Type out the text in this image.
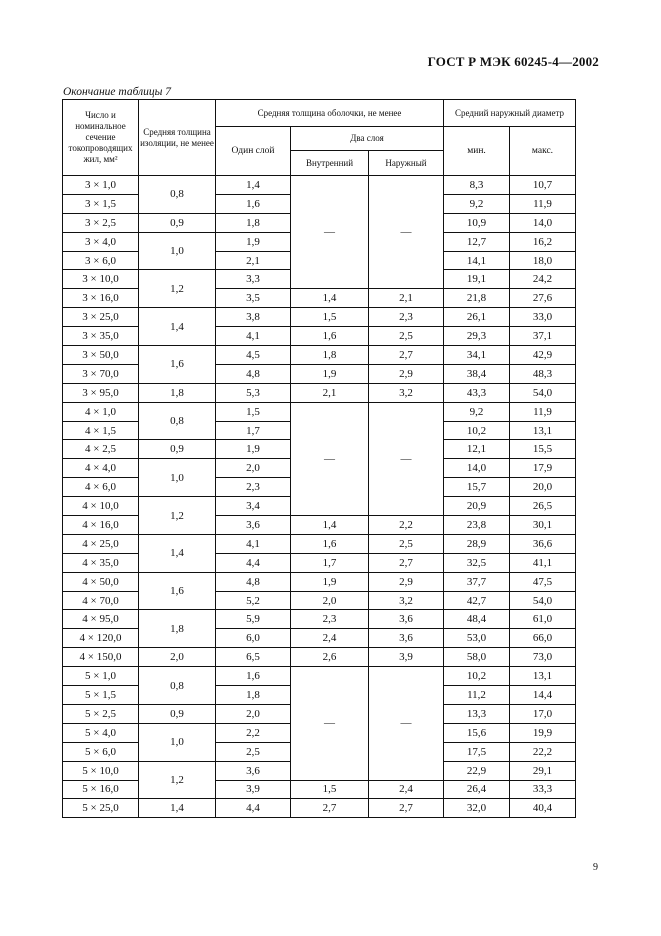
ГОСТ Р МЭК 60245-4—2002
Окончание таблицы 7
Число и номинальное сечение токопроводящих жил, мм²	Средняя толщина изоляции, не менее	Средняя толщина оболочки, не менее			Средний наружный диаметр	
		Один слой	Два слоя		мин.	макс.
			Внутренний	Наружный		
3 × 1,0	0,8	1,4	—	—	8,3	10,7
3 × 1,5		1,6			9,2	11,9
3 × 2,5	0,9	1,8			10,9	14,0
3 × 4,0	1,0	1,9			12,7	16,2
3 × 6,0		2,1			14,1	18,0
3 × 10,0	1,2	3,3			19,1	24,2
3 × 16,0		3,5	1,4	2,1	21,8	27,6
3 × 25,0	1,4	3,8	1,5	2,3	26,1	33,0
3 × 35,0		4,1	1,6	2,5	29,3	37,1
3 × 50,0	1,6	4,5	1,8	2,7	34,1	42,9
3 × 70,0		4,8	1,9	2,9	38,4	48,3
3 × 95,0	1,8	5,3	2,1	3,2	43,3	54,0
4 × 1,0	0,8	1,5	—	—	9,2	11,9
4 × 1,5		1,7			10,2	13,1
4 × 2,5	0,9	1,9			12,1	15,5
4 × 4,0	1,0	2,0			14,0	17,9
4 × 6,0		2,3			15,7	20,0
4 × 10,0	1,2	3,4			20,9	26,5
4 × 16,0		3,6	1,4	2,2	23,8	30,1
4 × 25,0	1,4	4,1	1,6	2,5	28,9	36,6
4 × 35,0		4,4	1,7	2,7	32,5	41,1
4 × 50,0	1,6	4,8	1,9	2,9	37,7	47,5
4 × 70,0		5,2	2,0	3,2	42,7	54,0
4 × 95,0	1,8	5,9	2,3	3,6	48,4	61,0
4 × 120,0		6,0	2,4	3,6	53,0	66,0
4 × 150,0	2,0	6,5	2,6	3,9	58,0	73,0
5 × 1,0	0,8	1,6	—	—	10,2	13,1
5 × 1,5		1,8			11,2	14,4
5 × 2,5	0,9	2,0			13,3	17,0
5 × 4,0	1,0	2,2			15,6	19,9
5 × 6,0		2,5			17,5	22,2
5 × 10,0	1,2	3,6			22,9	29,1
5 × 16,0		3,9	1,5	2,4	26,4	33,3
5 × 25,0	1,4	4,4	2,7	2,7	32,0	40,4
9
